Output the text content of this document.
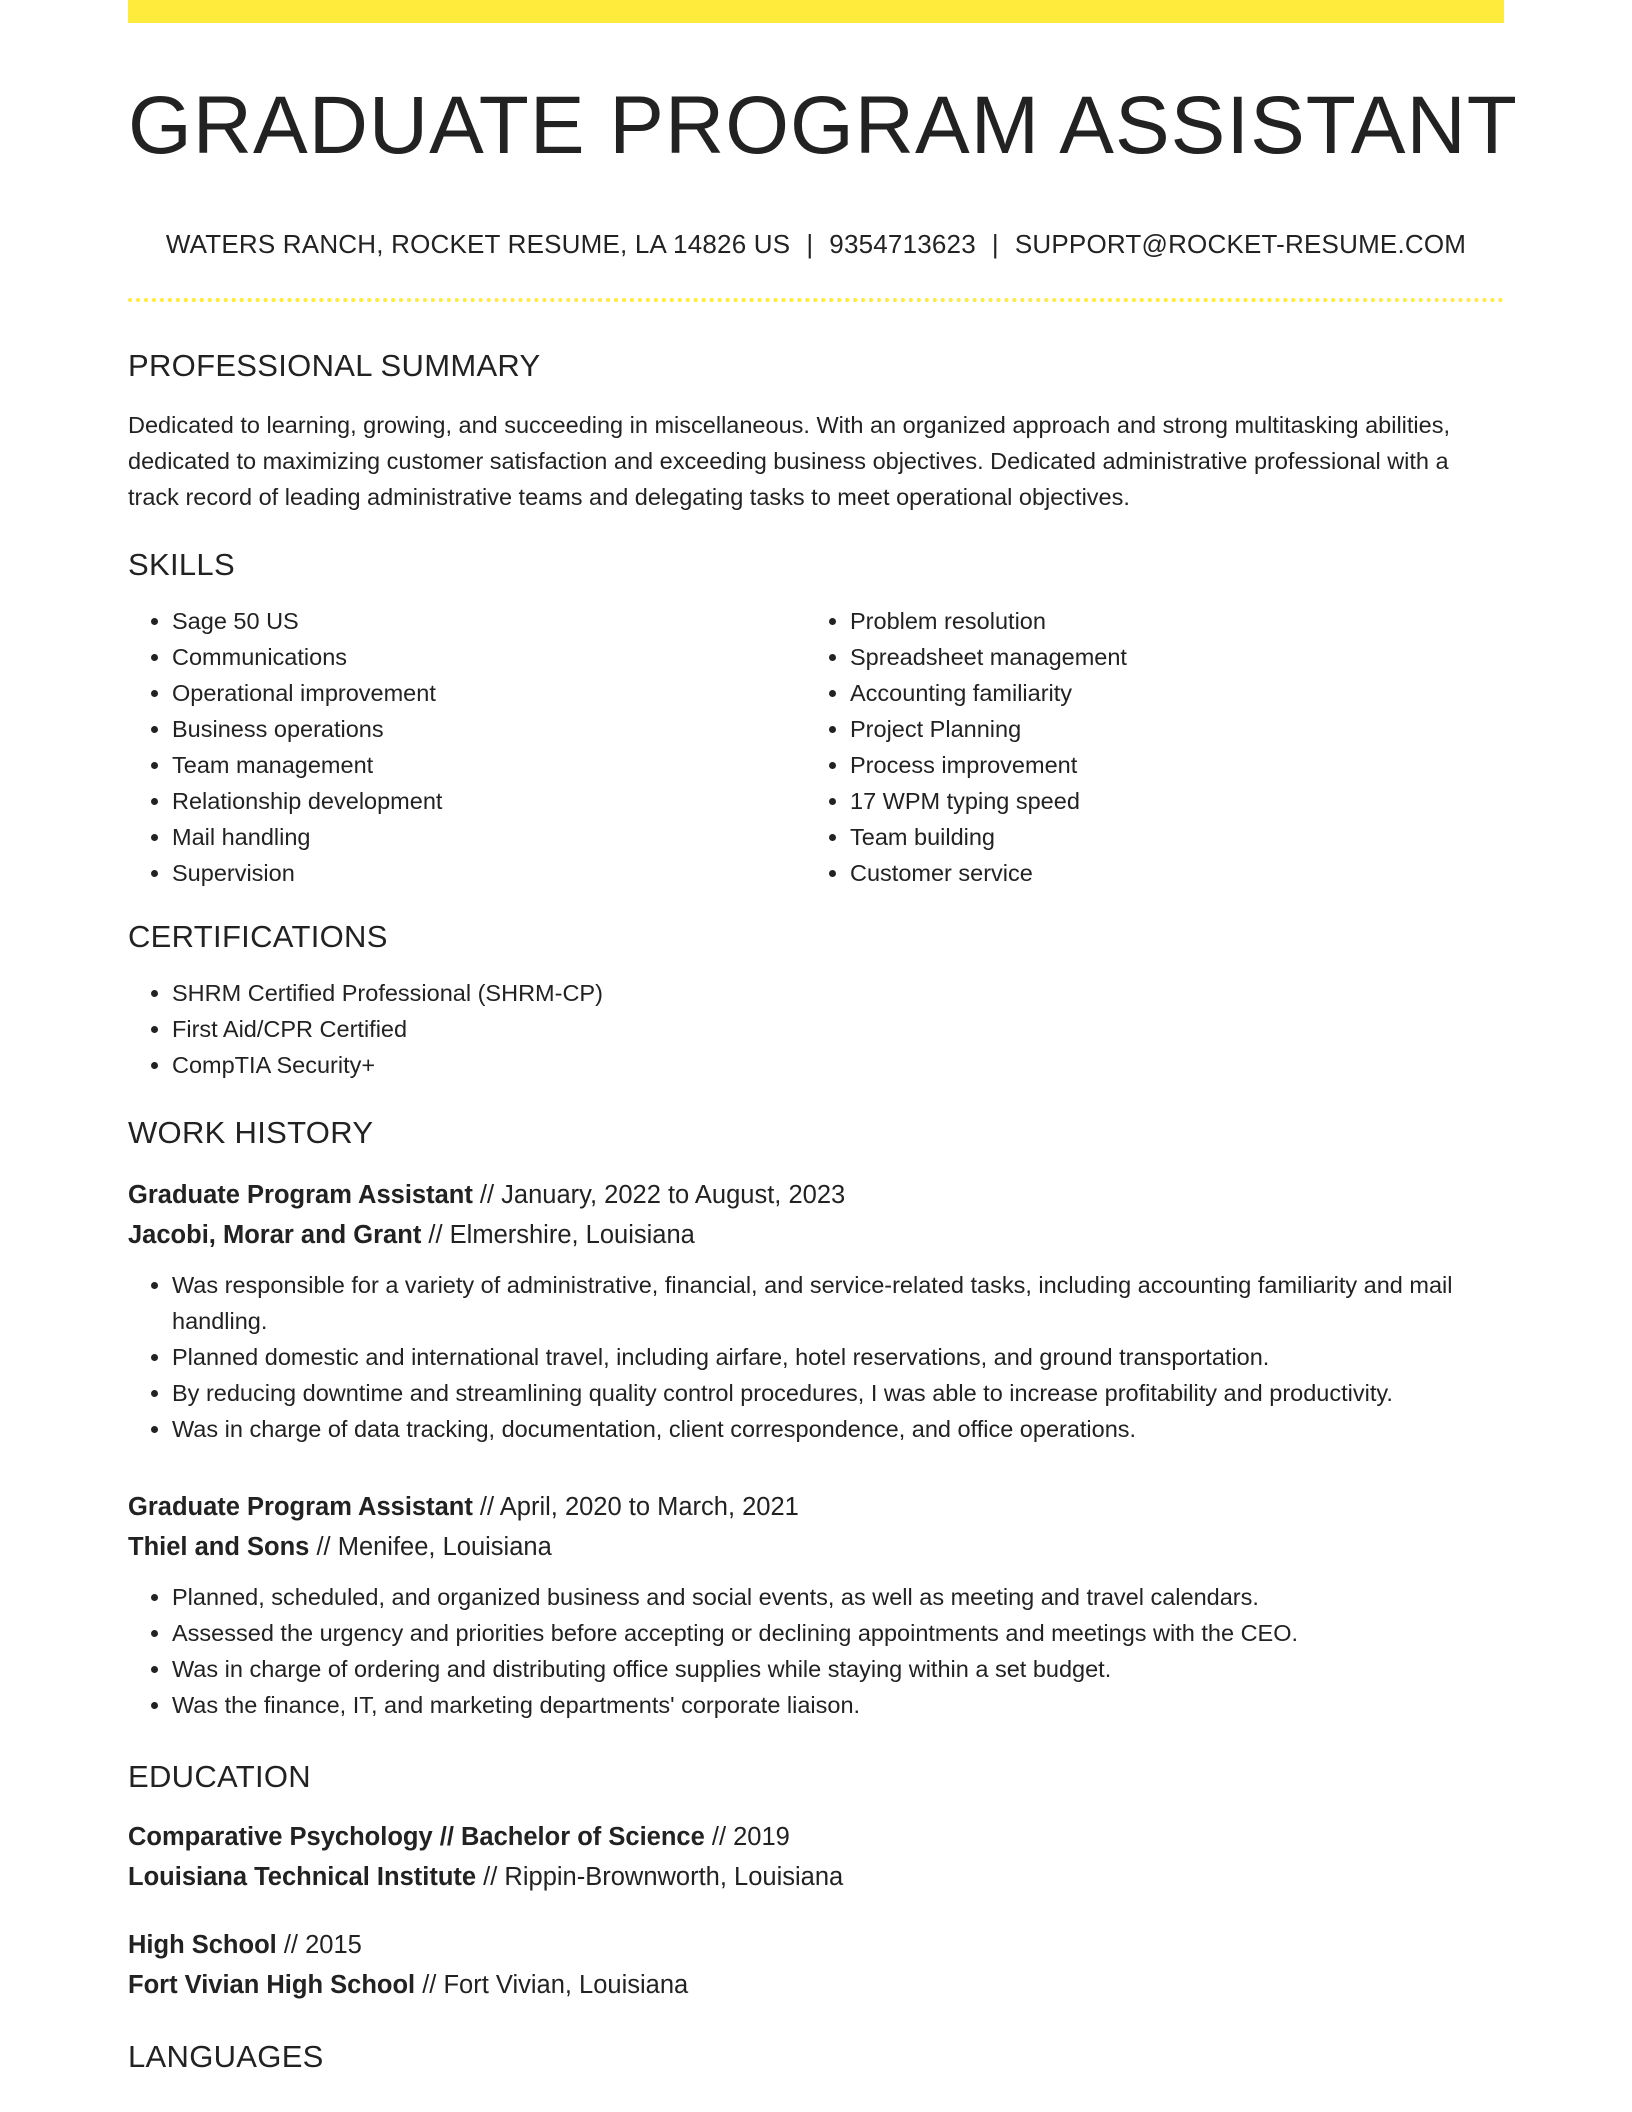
GRADUATE PROGRAM ASSISTANT
WATERS RANCH, ROCKET RESUME, LA 14826 US | 9354713623 | SUPPORT@ROCKET-RESUME.COM
PROFESSIONAL SUMMARY

Dedicated to learning, growing, and succeeding in miscellaneous. With an organized approach and strong multitasking abilities, dedicated to maximizing customer satisfaction and exceeding business objectives. Dedicated administrative professional with a track record of leading administrative teams and delegating tasks to meet operational objectives.

SKILLS
• Sage 50 US
• Communications
• Operational improvement
• Business operations
• Team management
• Relationship development
• Mail handling
• Supervision
• Problem resolution
• Spreadsheet management
• Accounting familiarity
• Project Planning
• Process improvement
• 17 WPM typing speed
• Team building
• Customer service
CERTIFICATIONS
• SHRM Certified Professional (SHRM-CP)
• First Aid/CPR Certified
• CompTIA Security+
WORK HISTORY
Graduate Program Assistant // January, 2022 to August, 2023
Jacobi, Morar and Grant // Elmershire, Louisiana
• Was responsible for a variety of administrative, financial, and service-related tasks, including accounting familiarity and mail handling.
• Planned domestic and international travel, including airfare, hotel reservations, and ground transportation.
• By reducing downtime and streamlining quality control procedures, I was able to increase profitability and productivity.
• Was in charge of data tracking, documentation, client correspondence, and office operations.
Graduate Program Assistant // April, 2020 to March, 2021
Thiel and Sons // Menifee, Louisiana
• Planned, scheduled, and organized business and social events, as well as meeting and travel calendars.
• Assessed the urgency and priorities before accepting or declining appointments and meetings with the CEO.
• Was in charge of ordering and distributing office supplies while staying within a set budget.
• Was the finance, IT, and marketing departments' corporate liaison.
EDUCATION
Comparative Psychology // Bachelor of Science // 2019
Louisiana Technical Institute // Rippin-Brownworth, Louisiana
High School // 2015
Fort Vivian High School // Fort Vivian, Louisiana
LANGUAGES
